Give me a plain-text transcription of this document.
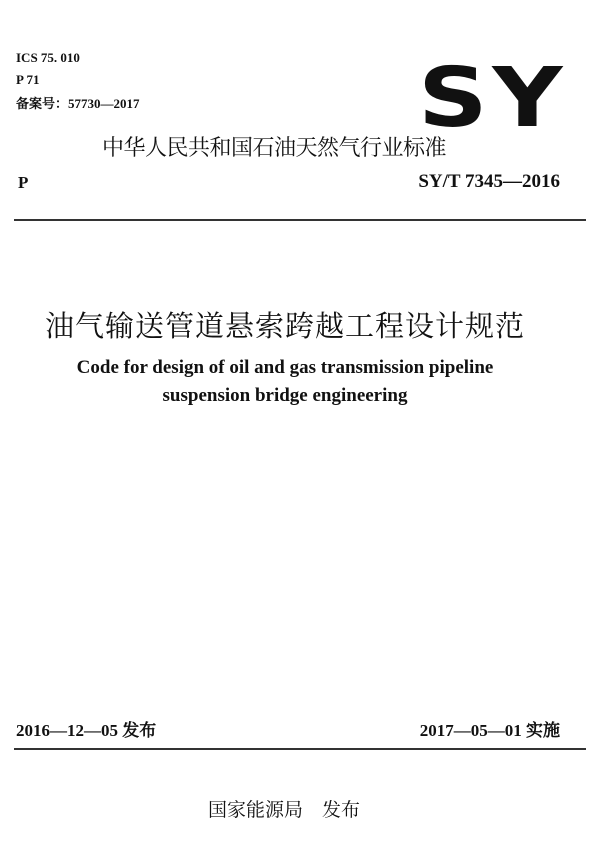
ICS 75. 010

P 71

备案号：57730—2017	SY

中华人民共和国石油天然气行业标准

P	SY/T 7345—2016

油气输送管道悬索跨越工程设计规范

Code for design of oil and gas transmission pipeline

suspension bridge engineering

2016—12—05 发布	2017—05—01 实施

国家能源局　发布
